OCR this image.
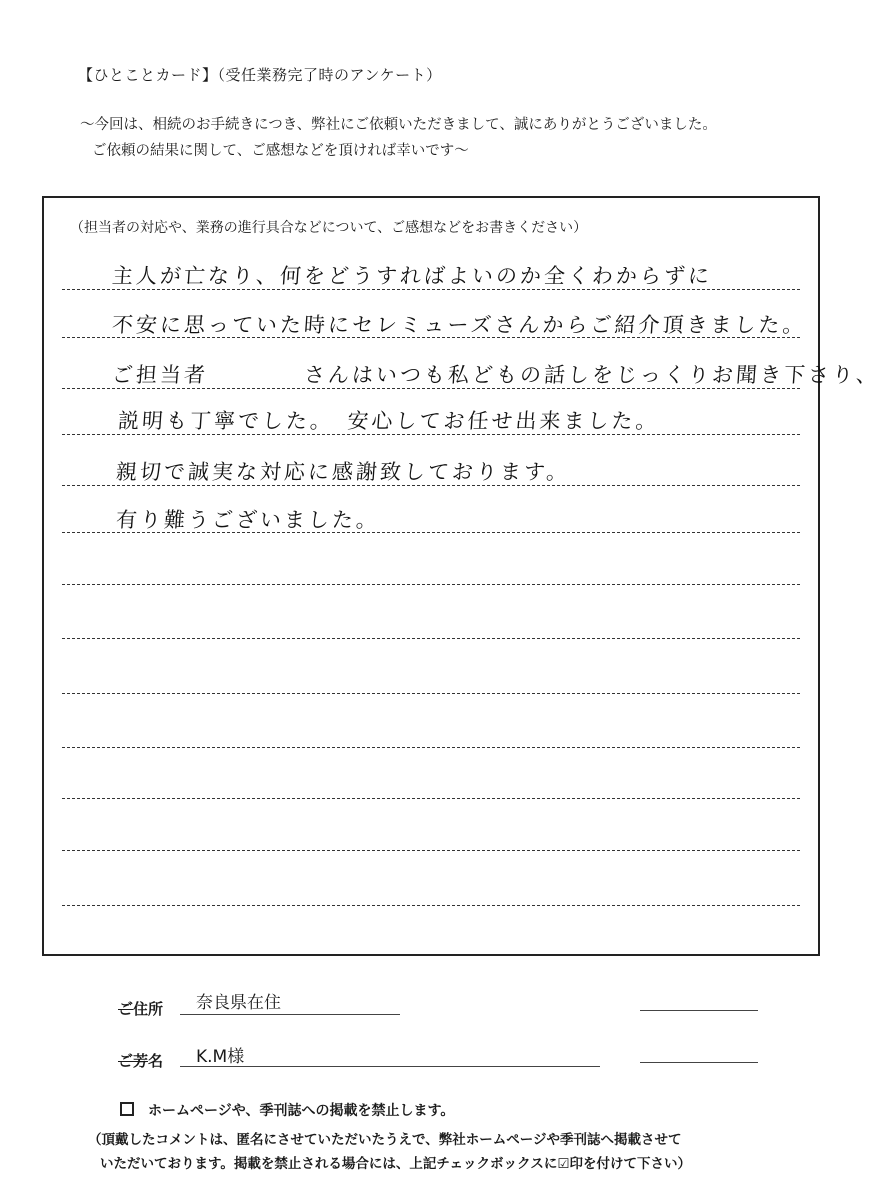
【ひとことカード】（受任業務完了時のアンケート）
～今回は、相続のお手続きにつき、弊社にご依頼いただきまして、誠にありがとうございました。
ご依頼の結果に関して、ご感想などを頂ければ幸いです～
（担当者の対応や、業務の進行具合などについて、ご感想などをお書きください）
主人が亡なり、何をどうすればよいのか全くわからずに
不安に思っていた時にセレミューズさんからご紹介頂きました。
ご担当者　　　　さんはいつも私どもの話しをじっくりお聞き下さり、
説明も丁寧でした。　安心してお任せ出来ました。
親切で誠実な対応に感謝致しております。
有り難うございました。
ご住所 奈良県在住
ご芳名 K.M様
ホームページや、季刊誌への掲載を禁止します。
（頂戴したコメントは、匿名にさせていただいたうえで、弊社ホームページや季刊誌へ掲載させて
いただいております。掲載を禁止される場合には、上記チェックボックスに☑印を付けて下さい）
